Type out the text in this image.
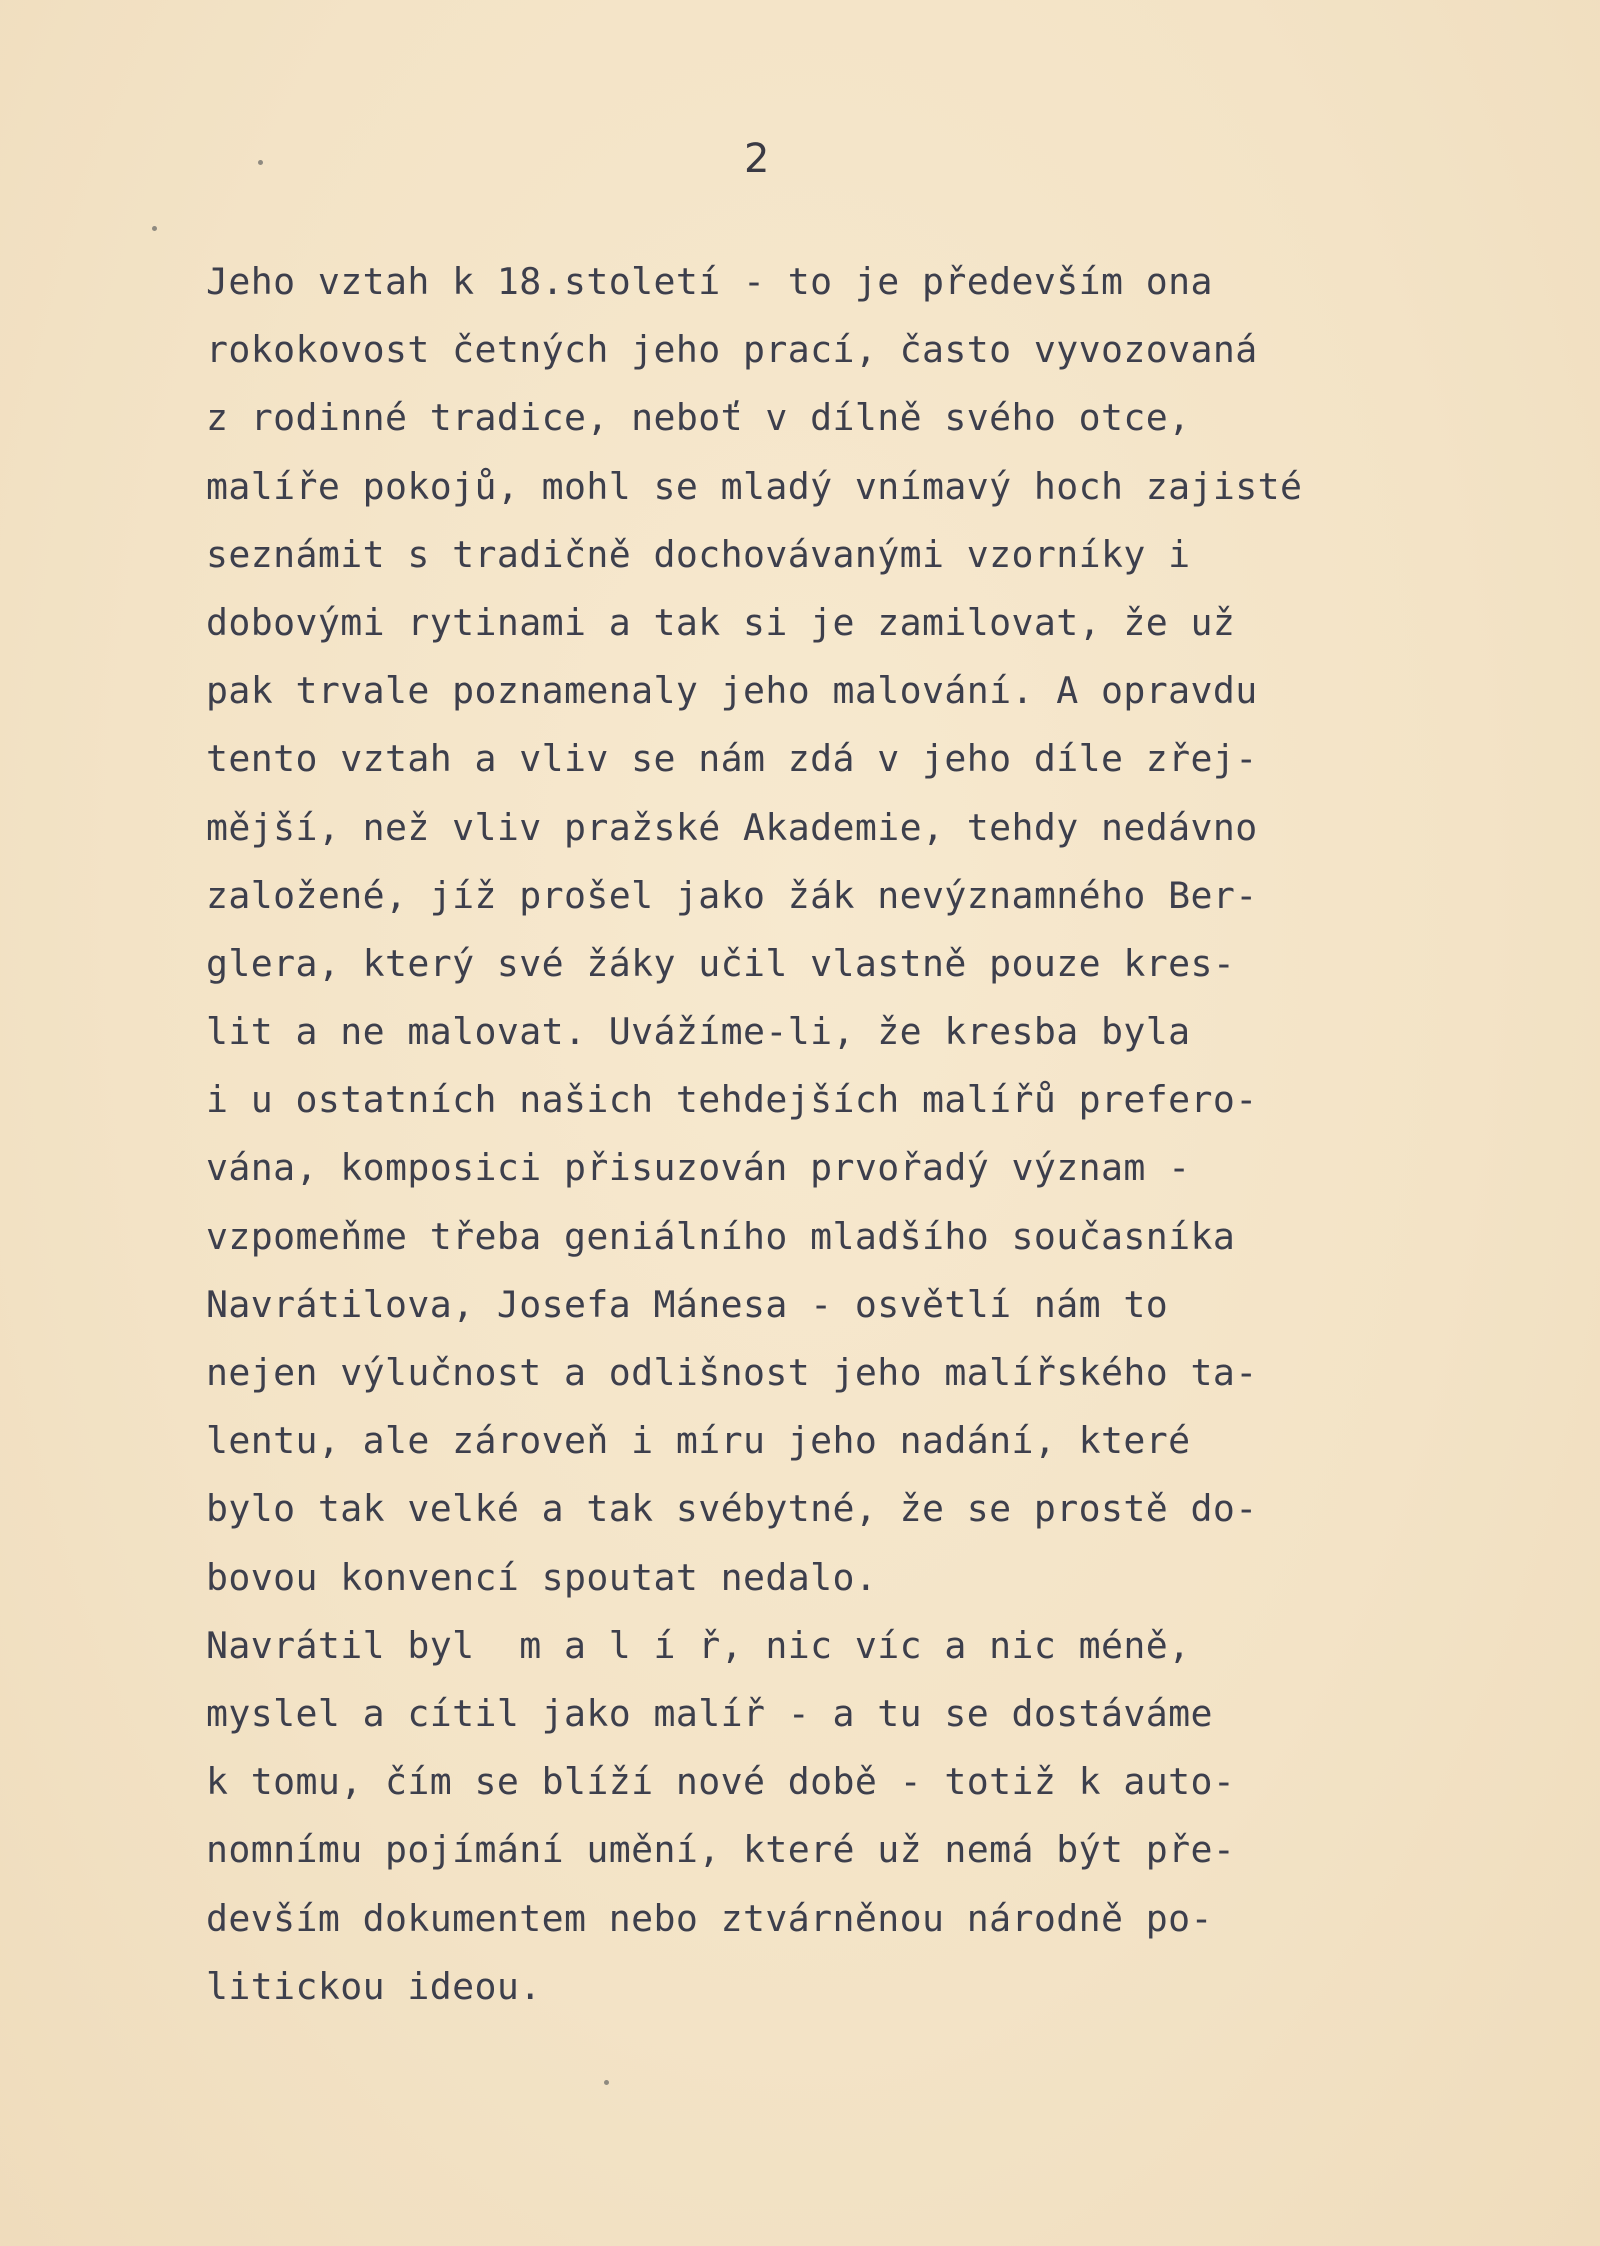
2
Jeho vztah k 18.století - to je především ona
rokokovost četných jeho prací, často vyvozovaná
z rodinné tradice, neboť v dílně svého otce,
malíře pokojů, mohl se mladý vnímavý hoch zajisté
seznámit s tradičně dochovávanými vzorníky i
dobovými rytinami a tak si je zamilovat, že už
pak trvale poznamenaly jeho malování. A opravdu
tento vztah a vliv se nám zdá v jeho díle zřej-
mější, než vliv pražské Akademie, tehdy nedávno
založené, jíž prošel jako žák nevýznamného Ber-
glera, který své žáky učil vlastně pouze kres-
lit a ne malovat. Uvážíme-li, že kresba byla
i u ostatních našich tehdejších malířů prefero-
vána, komposici přisuzován prvořadý význam -
vzpomeňme třeba geniálního mladšího současníka
Navrátilova, Josefa Mánesa - osvětlí nám to
nejen výlučnost a odlišnost jeho malířského ta-
lentu, ale zároveň i míru jeho nadání, které
bylo tak velké a tak svébytné, že se prostě do-
bovou konvencí spoutat nedalo.
Navrátil byl  m a l í ř, nic víc a nic méně,
myslel a cítil jako malíř - a tu se dostáváme
k tomu, čím se blíží nové době - totiž k auto-
nomnímu pojímání umění, které už nemá být pře-
devším dokumentem nebo ztvárněnou národně po-
litickou ideou.
